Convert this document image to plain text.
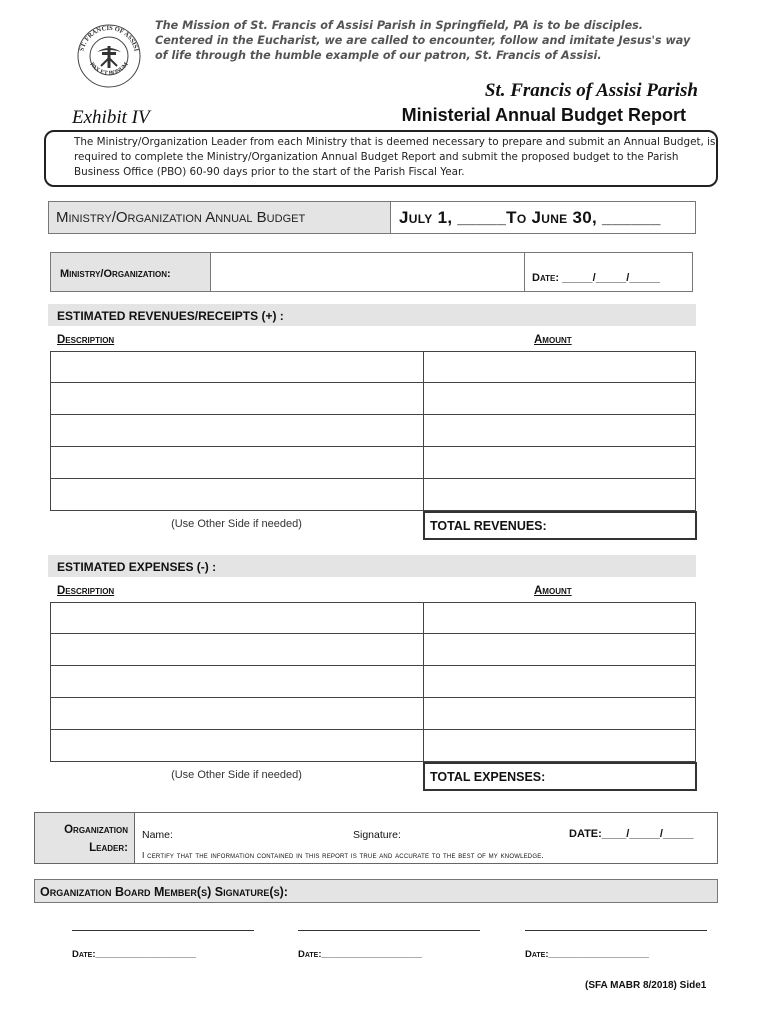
The Mission of St. Francis of Assisi Parish in Springfield, PA is to be disciples. Centered in the Eucharist, we are called to encounter, follow and imitate Jesus's way of life through the humble example of our patron, St. Francis of Assisi.
ST. FRANCIS OF ASSISI
PAX ET BONUM
St. Francis of Assisi Parish
Exhibit IV	Ministerial Annual Budget Report
The Ministry/Organization Leader from each Ministry that is deemed necessary to prepare and submit an Annual Budget, is required to complete the Ministry/Organization Annual Budget Report and submit the proposed budget to the Parish Business Office (PBO) 60-90 days prior to the start of the Parish Fiscal Year.
Ministry/Organization Annual Budget	July 1, _____To June 30, ______
Ministry/Organization:	Date: _____/_____/_____
ESTIMATED REVENUES/RECEIPTS (+) :
Description	Amount
(Use Other Side if needed)	TOTAL REVENUES:
ESTIMATED EXPENSES (-) :
Description	Amount
(Use Other Side if needed)	TOTAL EXPENSES:
Organization
Leader:
Name:	Signature:	DATE:____/_____/_____
I certify that the information contained in this report is true and accurate to the best of my knowledge.
Organization Board Member(s) Signature(s):
Date:___________________	Date:___________________	Date:___________________
(SFA MABR 8/2018) Side1
